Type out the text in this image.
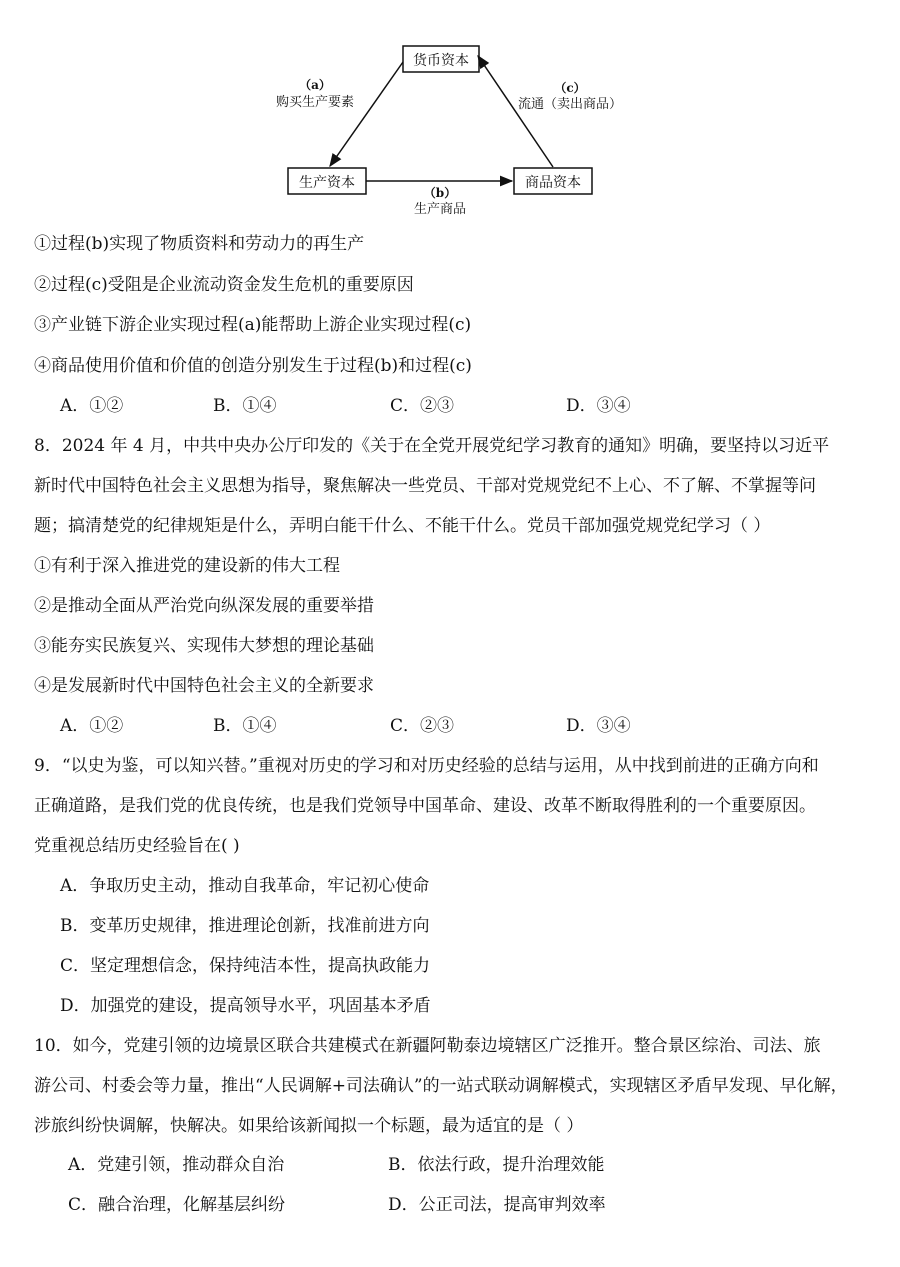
货币资本
生产资本	商品资本
（a）
购买生产要素
（b）
生产商品
（c）
流通（卖出商品）
①过程(b)实现了物质资料和劳动力的再生产
②过程(c)受阻是企业流动资金发生危机的重要原因
③产业链下游企业实现过程(a)能帮助上游企业实现过程(c)
④商品使用价值和价值的创造分别发生于过程(b)和过程(c)
A．①②	B．①④	C．②③	D．③④
8．2024 年 4 月，中共中央办公厅印发的《关于在全党开展党纪学习教育的通知》明确，要坚持以习近平
新时代中国特色社会主义思想为指导，聚焦解决一些党员、干部对党规党纪不上心、不了解、不掌握等问
题；搞清楚党的纪律规矩是什么，弄明白能干什么、不能干什么。党员干部加强党规党纪学习（ ）
①有利于深入推进党的建设新的伟大工程
②是推动全面从严治党向纵深发展的重要举措
③能夯实民族复兴、实现伟大梦想的理论基础
④是发展新时代中国特色社会主义的全新要求
A．①②	B．①④	C．②③	D．③④
9．“以史为鉴，可以知兴替。”重视对历史的学习和对历史经验的总结与运用，从中找到前进的正确方向和
正确道路，是我们党的优良传统，也是我们党领导中国革命、建设、改革不断取得胜利的一个重要原因。
党重视总结历史经验旨在( )
A．争取历史主动，推动自我革命，牢记初心使命
B．变革历史规律，推进理论创新，找准前进方向
C．坚定理想信念，保持纯洁本性，提高执政能力
D．加强党的建设，提高领导水平，巩固基本矛盾
10．如今，党建引领的边境景区联合共建模式在新疆阿勒泰边境辖区广泛推开。整合景区综治、司法、旅
游公司、村委会等力量，推出“人民调解+司法确认”的一站式联动调解模式，实现辖区矛盾早发现、早化解，
涉旅纠纷快调解，快解决。如果给该新闻拟一个标题，最为适宜的是（ ）
A．党建引领，推动群众自治	B．依法行政，提升治理效能
C．融合治理，化解基层纠纷	D．公正司法，提高审判效率
